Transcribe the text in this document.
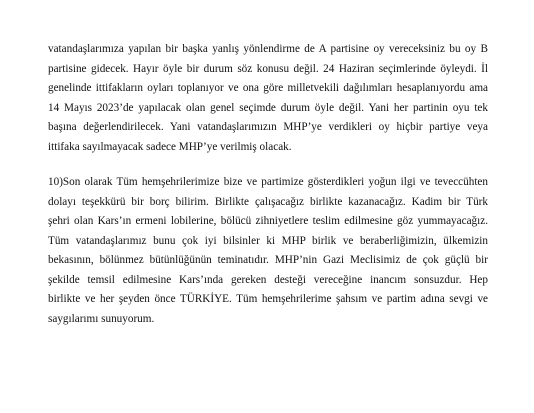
vatandaşlarımıza yapılan bir başka yanlış yönlendirme de A partisine oy vereceksiniz bu oy B
partisine gidecek. Hayır öyle bir durum söz konusu değil. 24 Haziran seçimlerinde öyleydi. İl
genelinde ittifakların oyları toplanıyor ve ona göre milletvekili dağılımları hesaplanıyordu ama
14 Mayıs 2023’de yapılacak olan genel seçimde durum öyle değil. Yani her partinin oyu tek
başına değerlendirilecek. Yani vatandaşlarımızın MHP’ye verdikleri oy hiçbir partiye veya
ittifaka sayılmayacak sadece MHP’ye verilmiş olacak.

10)Son olarak Tüm hemşehrilerimize bize ve partimize gösterdikleri yoğun ilgi ve teveccühten
dolayı teşekkürü bir borç bilirim. Birlikte çalışacağız birlikte kazanacağız. Kadim bir Türk
şehri olan Kars’ın ermeni lobilerine, bölücü zihniyetlere teslim edilmesine göz yummayacağız.
Tüm vatandaşlarımız bunu çok iyi bilsinler ki MHP birlik ve beraberliğimizin, ülkemizin
bekasının, bölünmez bütünlüğünün teminatıdır. MHP’nin Gazi Meclisimiz de çok güçlü bir
şekilde temsil edilmesine Kars’ında gereken desteği vereceğine inancım sonsuzdur. Hep
birlikte ve her şeyden önce TÜRKİYE. Tüm hemşehrilerime şahsım ve partim adına sevgi ve
saygılarımı sunuyorum.
